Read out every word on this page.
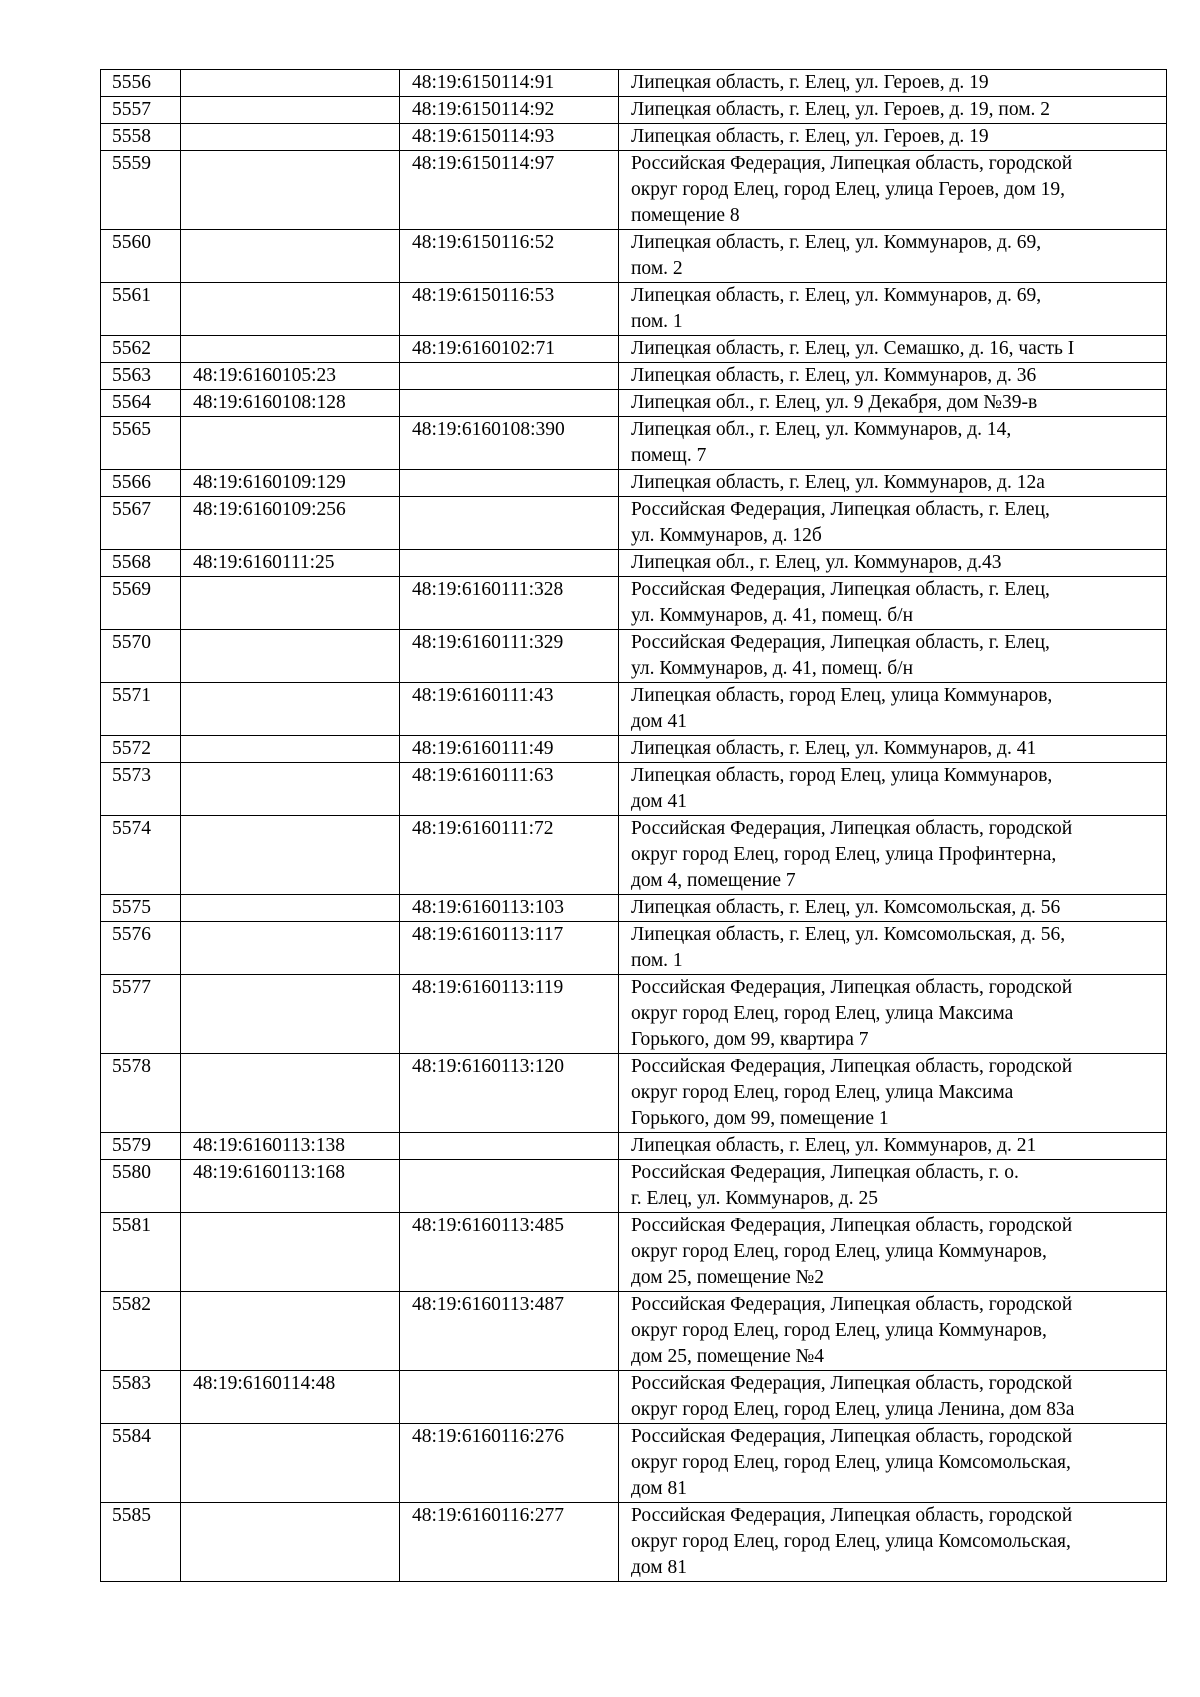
5556		48:19:6150114:91	Липецкая область, г. Елец, ул. Героев, д. 19
5557		48:19:6150114:92	Липецкая область, г. Елец, ул. Героев, д. 19, пом. 2
5558		48:19:6150114:93	Липецкая область, г. Елец, ул. Героев, д. 19
5559		48:19:6150114:97	Российская Федерация, Липецкая область, городской
округ город Елец, город Елец, улица Героев, дом 19,
помещение 8
5560		48:19:6150116:52	Липецкая область, г. Елец, ул. Коммунаров, д. 69,
пом. 2
5561		48:19:6150116:53	Липецкая область, г. Елец, ул. Коммунаров, д. 69,
пом. 1
5562		48:19:6160102:71	Липецкая область, г. Елец, ул. Семашко, д. 16, часть I
5563	48:19:6160105:23		Липецкая область, г. Елец, ул. Коммунаров, д. 36
5564	48:19:6160108:128		Липецкая обл., г. Елец, ул. 9 Декабря, дом №39-в
5565		48:19:6160108:390	Липецкая обл., г. Елец, ул. Коммунаров, д. 14,
помещ. 7
5566	48:19:6160109:129		Липецкая область, г. Елец, ул. Коммунаров, д. 12а
5567	48:19:6160109:256		Российская Федерация, Липецкая область, г. Елец,
ул. Коммунаров, д. 12б
5568	48:19:6160111:25		Липецкая обл., г. Елец, ул. Коммунаров, д.43
5569		48:19:6160111:328	Российская Федерация, Липецкая область, г. Елец,
ул. Коммунаров, д. 41, помещ. б/н
5570		48:19:6160111:329	Российская Федерация, Липецкая область, г. Елец,
ул. Коммунаров, д. 41, помещ. б/н
5571		48:19:6160111:43	Липецкая область, город Елец, улица Коммунаров,
дом 41
5572		48:19:6160111:49	Липецкая область, г. Елец, ул. Коммунаров, д. 41
5573		48:19:6160111:63	Липецкая область, город Елец, улица Коммунаров,
дом 41
5574		48:19:6160111:72	Российская Федерация, Липецкая область, городской
округ город Елец, город Елец, улица Профинтерна,
дом 4, помещение 7
5575		48:19:6160113:103	Липецкая область, г. Елец, ул. Комсомольская, д. 56
5576		48:19:6160113:117	Липецкая область, г. Елец, ул. Комсомольская, д. 56,
пом. 1
5577		48:19:6160113:119	Российская Федерация, Липецкая область, городской
округ город Елец, город Елец, улица Максима
Горького, дом 99, квартира 7
5578		48:19:6160113:120	Российская Федерация, Липецкая область, городской
округ город Елец, город Елец, улица Максима
Горького, дом 99, помещение 1
5579	48:19:6160113:138		Липецкая область, г. Елец, ул. Коммунаров, д. 21
5580	48:19:6160113:168		Российская Федерация, Липецкая область, г. о.
г. Елец, ул. Коммунаров, д. 25
5581		48:19:6160113:485	Российская Федерация, Липецкая область, городской
округ город Елец, город Елец, улица Коммунаров,
дом 25, помещение №2
5582		48:19:6160113:487	Российская Федерация, Липецкая область, городской
округ город Елец, город Елец, улица Коммунаров,
дом 25, помещение №4
5583	48:19:6160114:48		Российская Федерация, Липецкая область, городской
округ город Елец, город Елец, улица Ленина, дом 83а
5584		48:19:6160116:276	Российская Федерация, Липецкая область, городской
округ город Елец, город Елец, улица Комсомольская,
дом 81
5585		48:19:6160116:277	Российская Федерация, Липецкая область, городской
округ город Елец, город Елец, улица Комсомольская,
дом 81
